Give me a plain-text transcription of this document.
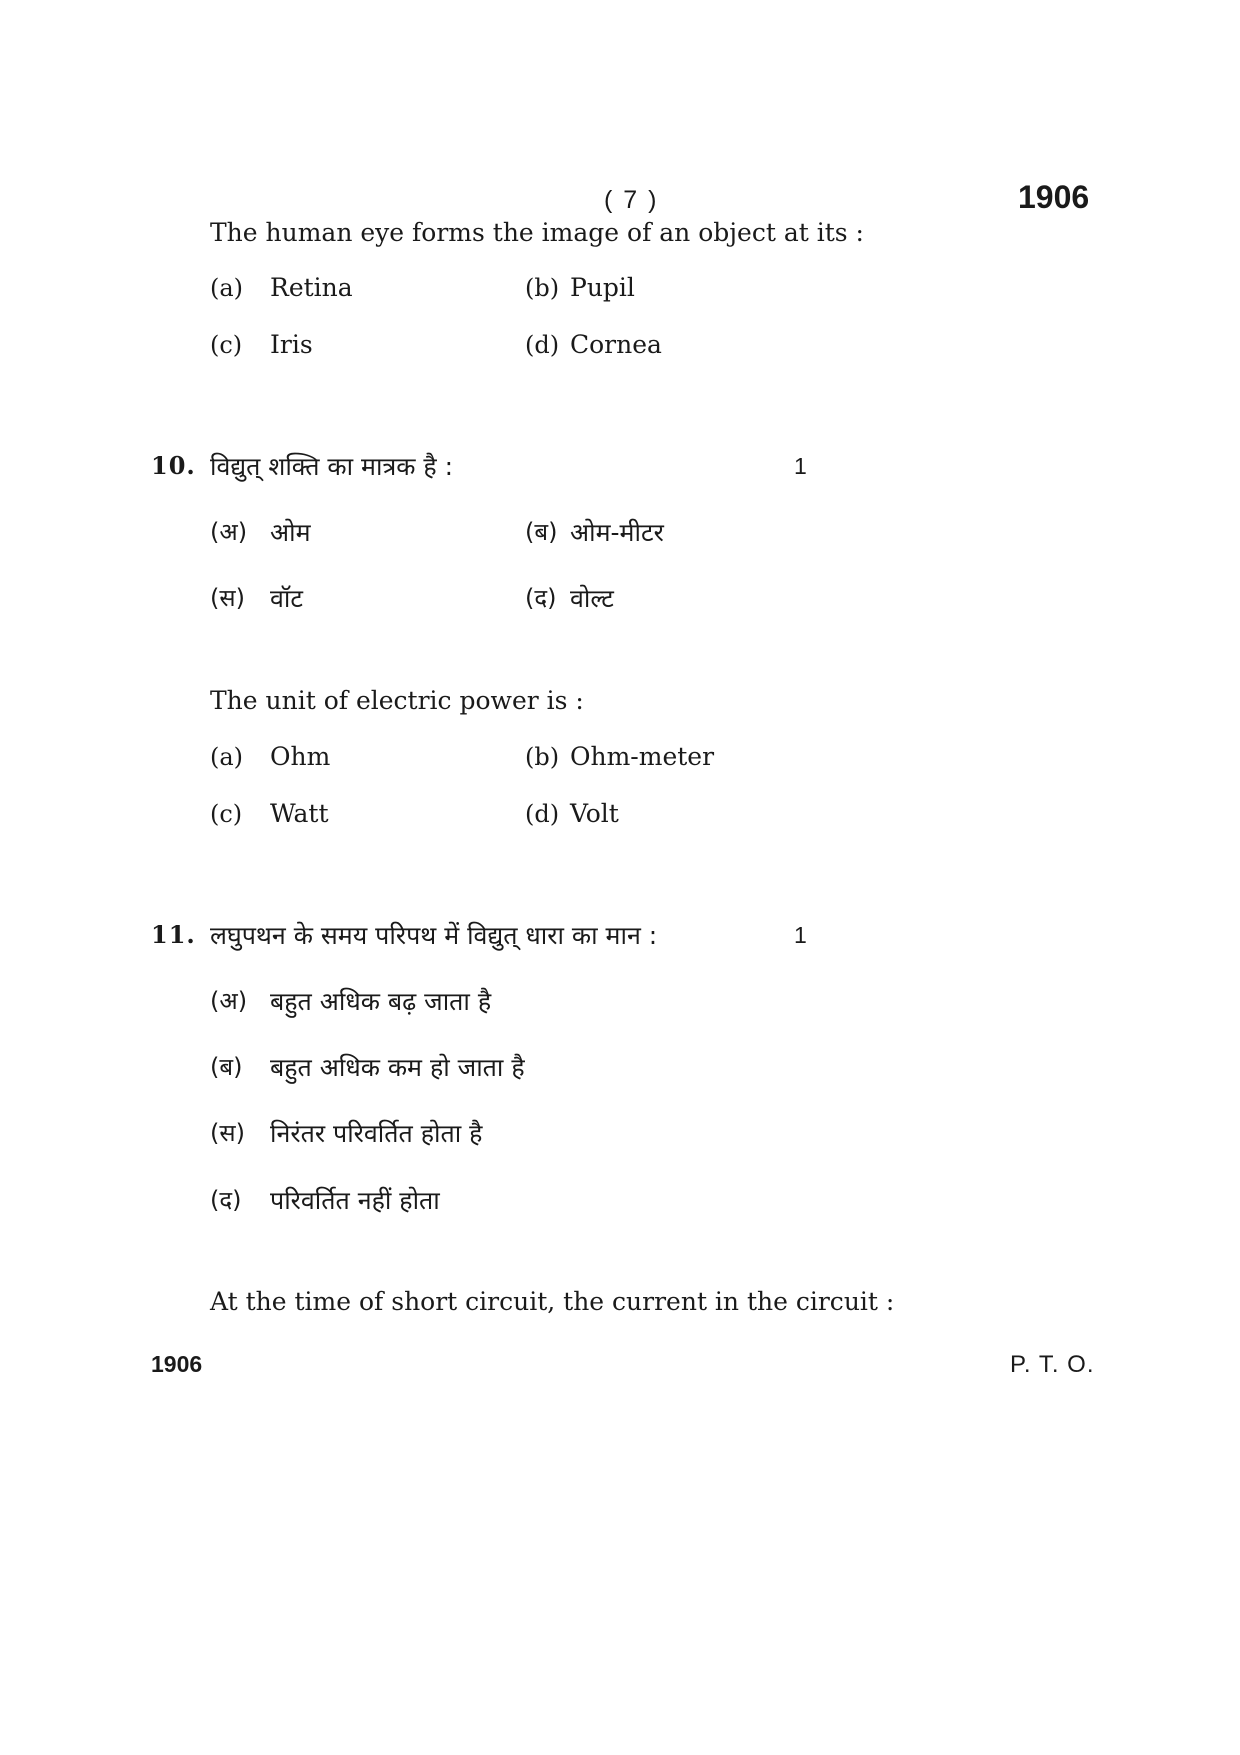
( 7 )	1906
The human eye forms the image of an object at its :
(a) Retina	(b) Pupil
(c) Iris	(d) Cornea
10. विद्युत् शक्ति का मात्रक है :	1
(अ) ओम	(ब) ओम-मीटर
(स) वॉट	(द) वोल्ट
The unit of electric power is :
(a) Ohm	(b) Ohm-meter
(c) Watt	(d) Volt
11. लघुपथन के समय परिपथ में विद्युत् धारा का मान :	1
(अ) बहुत अधिक बढ़ जाता है
(ब) बहुत अधिक कम हो जाता है
(स) निरंतर परिवर्तित होता है
(द) परिवर्तित नहीं होता
At the time of short circuit, the current in the circuit :
1906	P. T. O.
